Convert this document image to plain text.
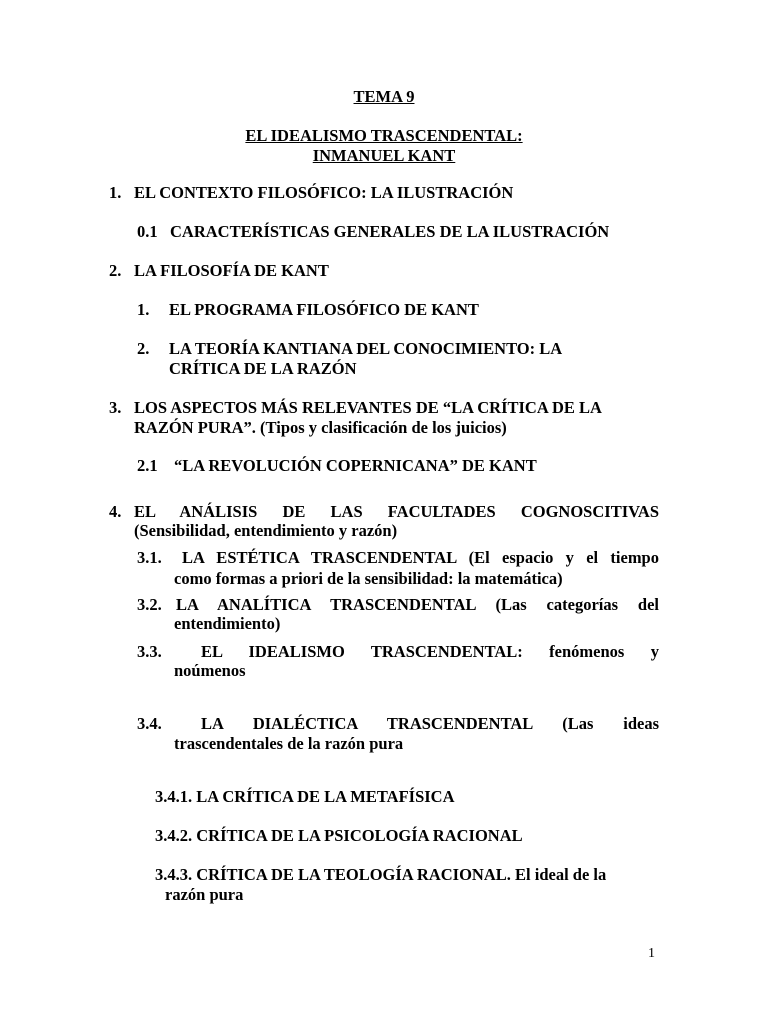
TEMA 9
EL IDEALISMO TRASCENDENTAL:
INMANUEL KANT
1. EL CONTEXTO FILOSÓFICO: LA ILUSTRACIÓN
0.1 CARACTERÍSTICAS GENERALES DE LA ILUSTRACIÓN
2. LA FILOSOFÍA DE KANT
1. EL PROGRAMA FILOSÓFICO DE KANT
2. LA TEORÍA KANTIANA DEL CONOCIMIENTO: LA
CRÍTICA DE LA RAZÓN
3. LOS ASPECTOS MÁS RELEVANTES DE “LA CRÍTICA DE LA
RAZÓN PURA”. (Tipos y clasificación de los juicios)
2.1 “LA REVOLUCIÓN COPERNICANA” DE KANT
4. EL ANÁLISIS DE LAS FACULTADES COGNOSCITIVAS
(Sensibilidad, entendimiento y razón)
3.1. LA ESTÉTICA TRASCENDENTAL (El espacio y el tiempo
como formas a priori de la sensibilidad: la matemática)
3.2. LA ANALÍTICA TRASCENDENTAL (Las categorías del
entendimiento)
3.3. EL IDEALISMO TRASCENDENTAL: fenómenos y
noúmenos
3.4. LA DIALÉCTICA TRASCENDENTAL (Las ideas
trascendentales de la razón pura
3.4.1. LA CRÍTICA DE LA METAFÍSICA
3.4.2. CRÍTICA DE LA PSICOLOGÍA RACIONAL
3.4.3. CRÍTICA DE LA TEOLOGÍA RACIONAL. El ideal de la
razón pura
1
